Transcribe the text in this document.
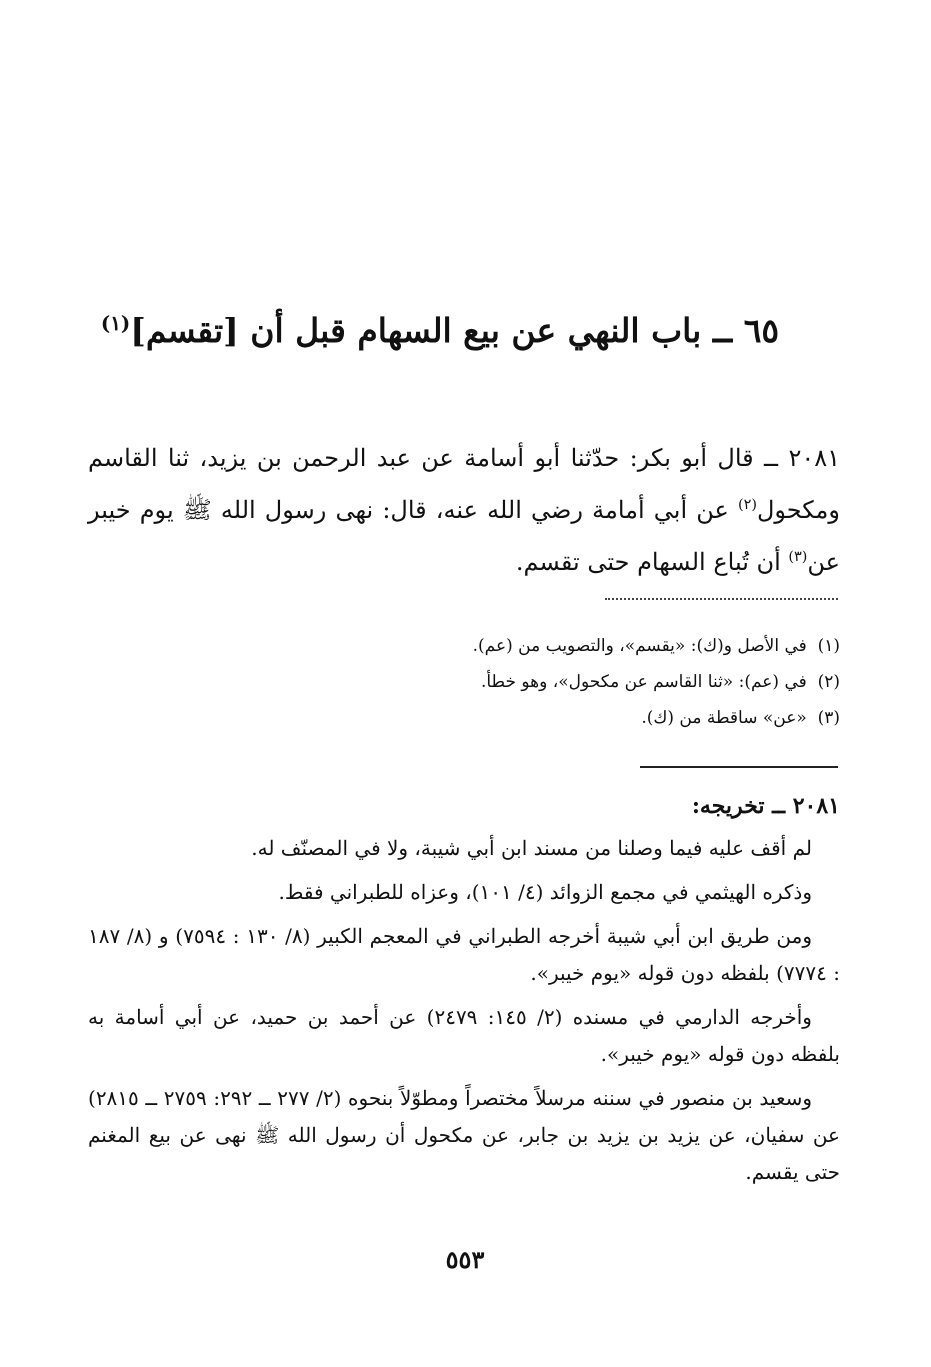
٦٥ ــ باب النهي عن بيع السهام قبل أن [تقسم]$^{(١)}$

٢٠٨١ ــ قال أبو بكر: حدّثنا أبو أسامة عن عبد الرحمن بن يزيد، ثنا القاسم ومكحول$^{(٢)}$ عن أبي أمامة رضي الله عنه، قال: نهى رسول الله ﷺ يوم خيبر عن$^{(٣)}$ أن تُباع السهام حتى تقسم.

(١)  في الأصل و(ك): «يقسم»، والتصويب من (عم).

(٢)  في (عم): «ثنا القاسم عن مكحول»، وهو خطأ.

(٣)  «عن» ساقطة من (ك).

٢٠٨١ ــ تخريجه:

لم أقف عليه فيما وصلنا من مسند ابن أبي شيبة، ولا في المصنّف له.

وذكره الهيثمي في مجمع الزوائد (٤/ ١٠١)، وعزاه للطبراني فقط.

ومن طريق ابن أبي شيبة أخرجه الطبراني في المعجم الكبير (٨/ ١٣٠ : ٧٥٩٤) و (٨/ ١٨٧ : ٧٧٧٤) بلفظه دون قوله «يوم خيبر».

وأخرجه الدارمي في مسنده (٢/ ١٤٥: ٢٤٧٩) عن أحمد بن حميد، عن أبي أسامة به بلفظه دون قوله «يوم خيبر».

وسعيد بن منصور في سننه مرسلاً مختصراً ومطوّلاً بنحوه (٢/ ٢٧٧ ــ ٢٩٢: ٢٧٥٩ ــ ٢٨١٥) عن سفيان، عن يزيد بن يزيد بن جابر، عن مكحول أن رسول الله ﷺ نهى عن بيع المغنم حتى يقسم.

٥٥٣
